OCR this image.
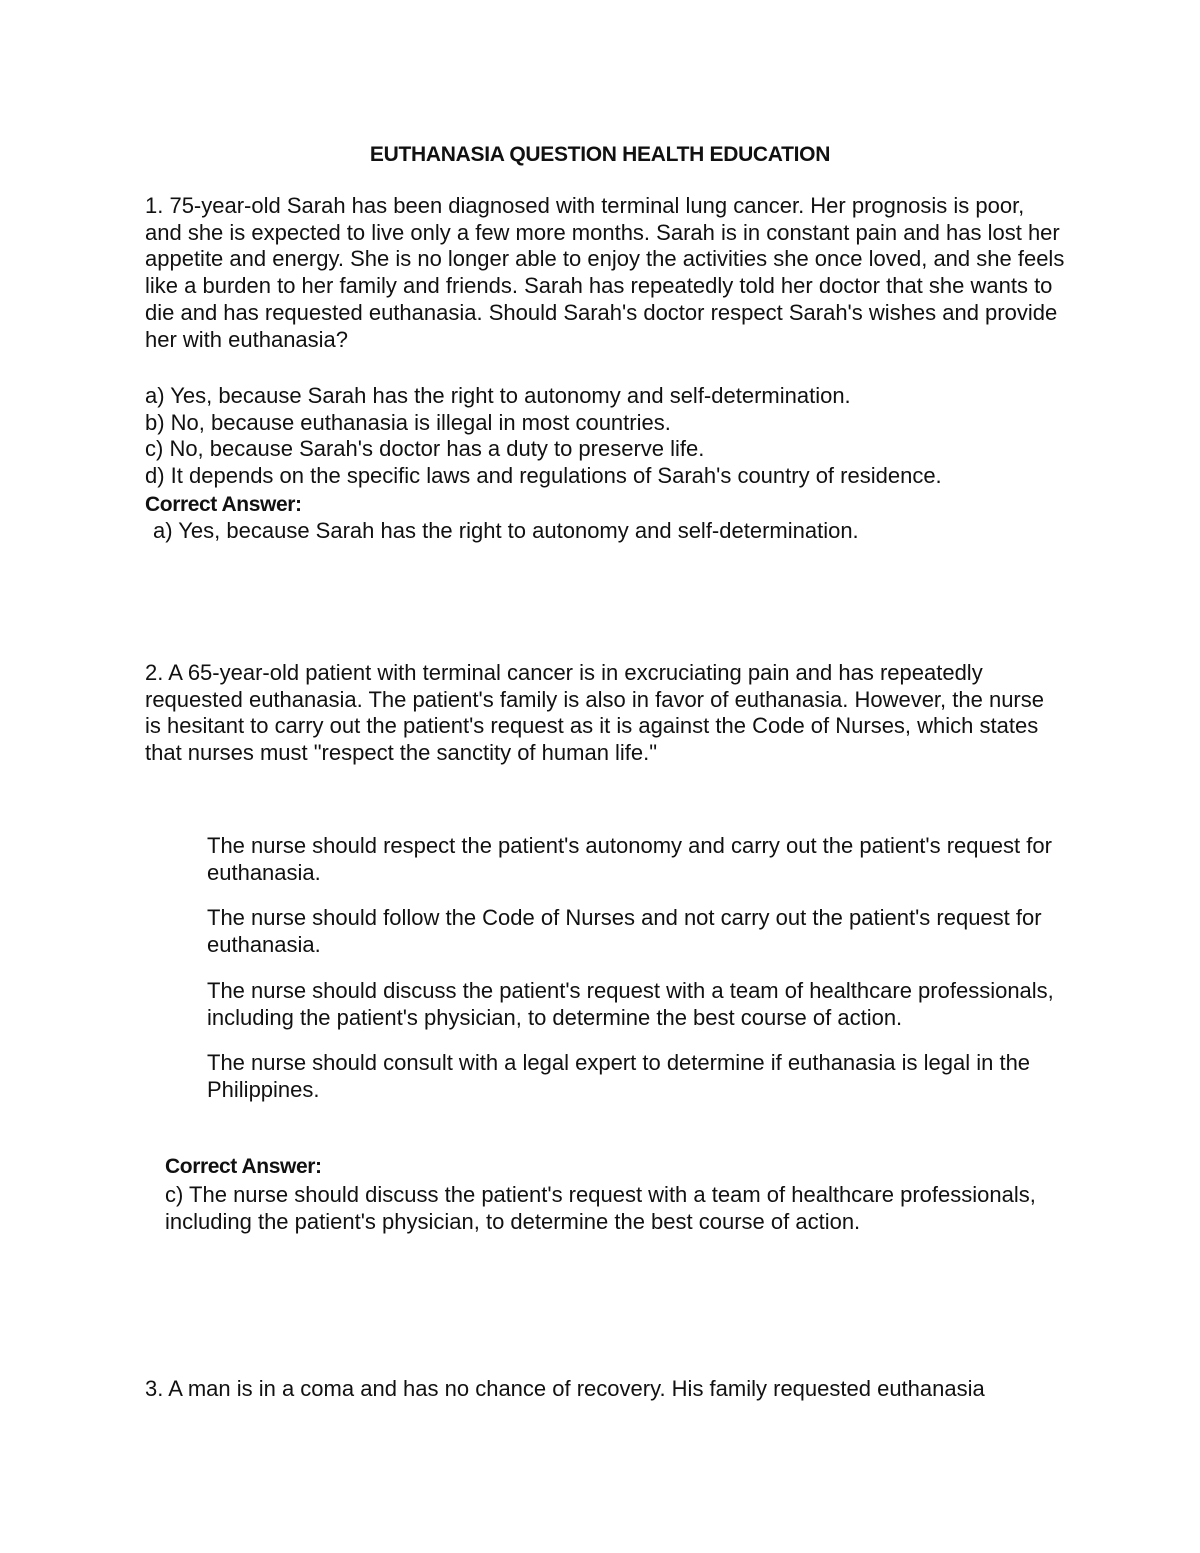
EUTHANASIA QUESTION HEALTH EDUCATION
1. 75-year-old Sarah has been diagnosed with terminal lung cancer. Her prognosis is poor, and she is expected to live only a few more months. Sarah is in constant pain and has lost her appetite and energy. She is no longer able to enjoy the activities she once loved, and she feels like a burden to her family and friends. Sarah has repeatedly told her doctor that she wants to die and has requested euthanasia. Should Sarah's doctor respect Sarah's wishes and provide her with euthanasia?
a) Yes, because Sarah has the right to autonomy and self-determination.
b) No, because euthanasia is illegal in most countries.
c) No, because Sarah's doctor has a duty to preserve life.
d) It depends on the specific laws and regulations of Sarah's country of residence.
Correct Answer:
a) Yes, because Sarah has the right to autonomy and self-determination.
2. A 65-year-old patient with terminal cancer is in excruciating pain and has repeatedly requested euthanasia. The patient's family is also in favor of euthanasia. However, the nurse is hesitant to carry out the patient's request as it is against the Code of Nurses, which states that nurses must "respect the sanctity of human life."
The nurse should respect the patient's autonomy and carry out the patient's request for euthanasia.
The nurse should follow the Code of Nurses and not carry out the patient's request for euthanasia.
The nurse should discuss the patient's request with a team of healthcare professionals, including the patient's physician, to determine the best course of action.
The nurse should consult with a legal expert to determine if euthanasia is legal in the Philippines.
Correct Answer:
c) The nurse should discuss the patient's request with a team of healthcare professionals, including the patient's physician, to determine the best course of action.
3. A man is in a coma and has no chance of recovery. His family requested euthanasia
